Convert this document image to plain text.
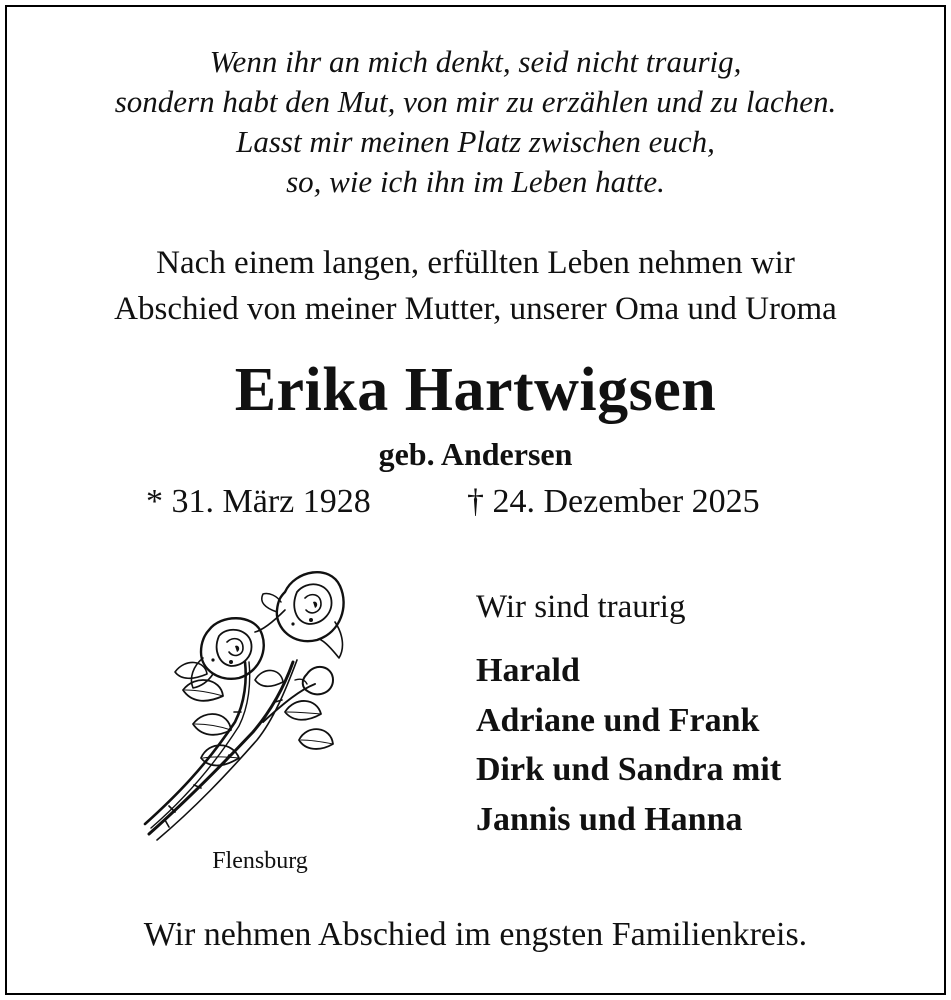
Wenn ihr an mich denkt, seid nicht traurig,
sondern habt den Mut, von mir zu erzählen und zu lachen.
Lasst mir meinen Platz zwischen euch,
so, wie ich ihn im Leben hatte.
Nach einem langen, erfüllten Leben nehmen wir
Abschied von meiner Mutter, unserer Oma und Uroma
Erika Hartwigsen
geb. Andersen
* 31. März 1928	† 24. Dezember 2025
Flensburg
Wir sind traurig
Harald
Adriane und Frank
Dirk und Sandra mit
Jannis und Hanna
Wir nehmen Abschied im engsten Familienkreis.
